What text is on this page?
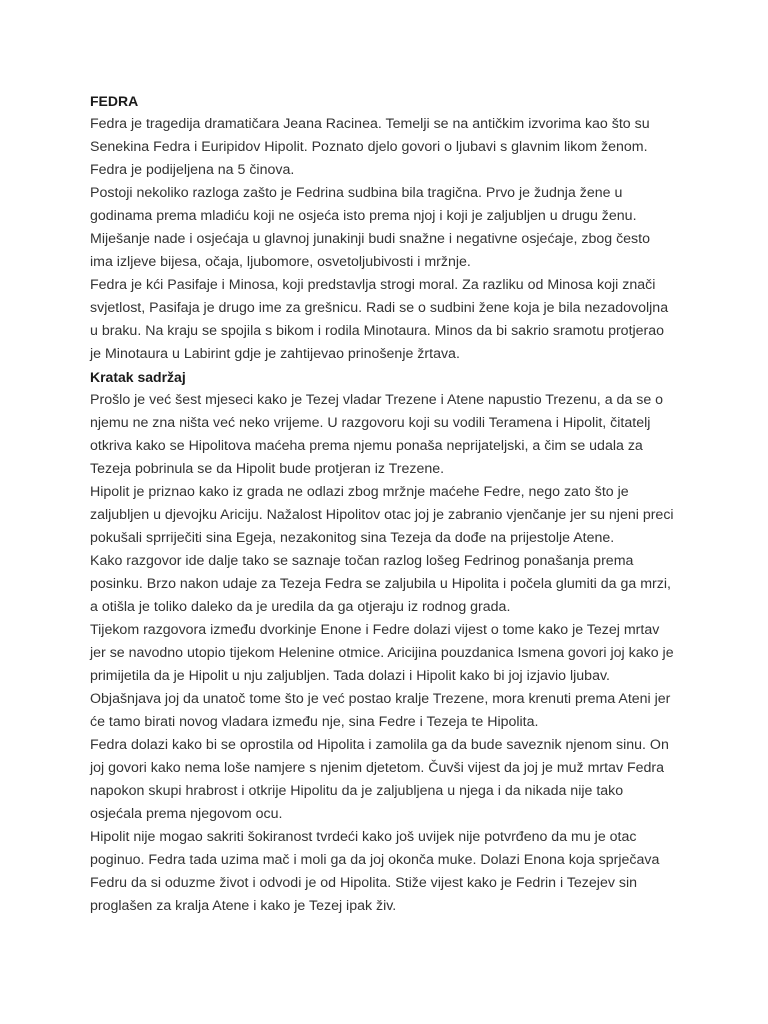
FEDRA

Fedra je tragedija dramatičara Jeana Racinea. Temelji se na antičkim izvorima kao što su
Senekina Fedra i Euripidov Hipolit. Poznato djelo govori o ljubavi s glavnim likom ženom.
Fedra je podijeljena na 5 činova.

Postoji nekoliko razloga zašto je Fedrina sudbina bila tragična. Prvo je žudnja žene u
godinama prema mladiću koji ne osjeća isto prema njoj i koji je zaljubljen u drugu ženu.
Miješanje nade i osjećaja u glavnoj junakinji budi snažne i negativne osjećaje, zbog često
ima izljeve bijesa, očaja, ljubomore, osvetoljubivosti i mržnje.

Fedra je kći Pasifaje i Minosa, koji predstavlja strogi moral. Za razliku od Minosa koji znači
svjetlost, Pasifaja je drugo ime za grešnicu. Radi se o sudbini žene koja je bila nezadovoljna
u braku. Na kraju se spojila s bikom i rodila Minotaura. Minos da bi sakrio sramotu protjerao
je Minotaura u Labirint gdje je zahtijevao prinošenje žrtava.

Kratak sadržaj

Prošlo je već šest mjeseci kako je Tezej vladar Trezene i Atene napustio Trezenu, a da se o
njemu ne zna ništa već neko vrijeme. U razgovoru koji su vodili Teramena i Hipolit, čitatelj
otkriva kako se Hipolitova maćeha prema njemu ponaša neprijateljski, a čim se udala za
Tezeja pobrinula se da Hipolit bude protjeran iz Trezene.

Hipolit je priznao kako iz grada ne odlazi zbog mržnje maćehe Fedre, nego zato što je
zaljubljen u djevojku Ariciju. Nažalost Hipolitov otac joj je zabranio vjenčanje jer su njeni preci
pokušali sprriječiti sina Egeja, nezakonitog sina Tezeja da dođe na prijestolje Atene.

Kako razgovor ide dalje tako se saznaje točan razlog lošeg Fedrinog ponašanja prema
posinku. Brzo nakon udaje za Tezeja Fedra se zaljubila u Hipolita i počela glumiti da ga mrzi,
a otišla je toliko daleko da je uredila da ga otjeraju iz rodnog grada.

Tijekom razgovora između dvorkinje Enone i Fedre dolazi vijest o tome kako je Tezej mrtav
jer se navodno utopio tijekom Helenine otmice. Aricijina pouzdanica Ismena govori joj kako je
primijetila da je Hipolit u nju zaljubljen. Tada dolazi i Hipolit kako bi joj izjavio ljubav.
Objašnjava joj da unatoč tome što je već postao kralje Trezene, mora krenuti prema Ateni jer
će tamo birati novog vladara između nje, sina Fedre i Tezeja te Hipolita.

Fedra dolazi kako bi se oprostila od Hipolita i zamolila ga da bude saveznik njenom sinu. On
joj govori kako nema loše namjere s njenim djetetom. Čuvši vijest da joj je muž mrtav Fedra
napokon skupi hrabrost i otkrije Hipolitu da je zaljubljena u njega i da nikada nije tako
osjećala prema njegovom ocu.

Hipolit nije mogao sakriti šokiranost tvrdeći kako još uvijek nije potvrđeno da mu je otac
poginuo. Fedra tada uzima mač i moli ga da joj okonča muke. Dolazi Enona koja sprječava
Fedru da si oduzme život i odvodi je od Hipolita. Stiže vijest kako je Fedrin i Tezejev sin
proglašen za kralja Atene i kako je Tezej ipak živ.
